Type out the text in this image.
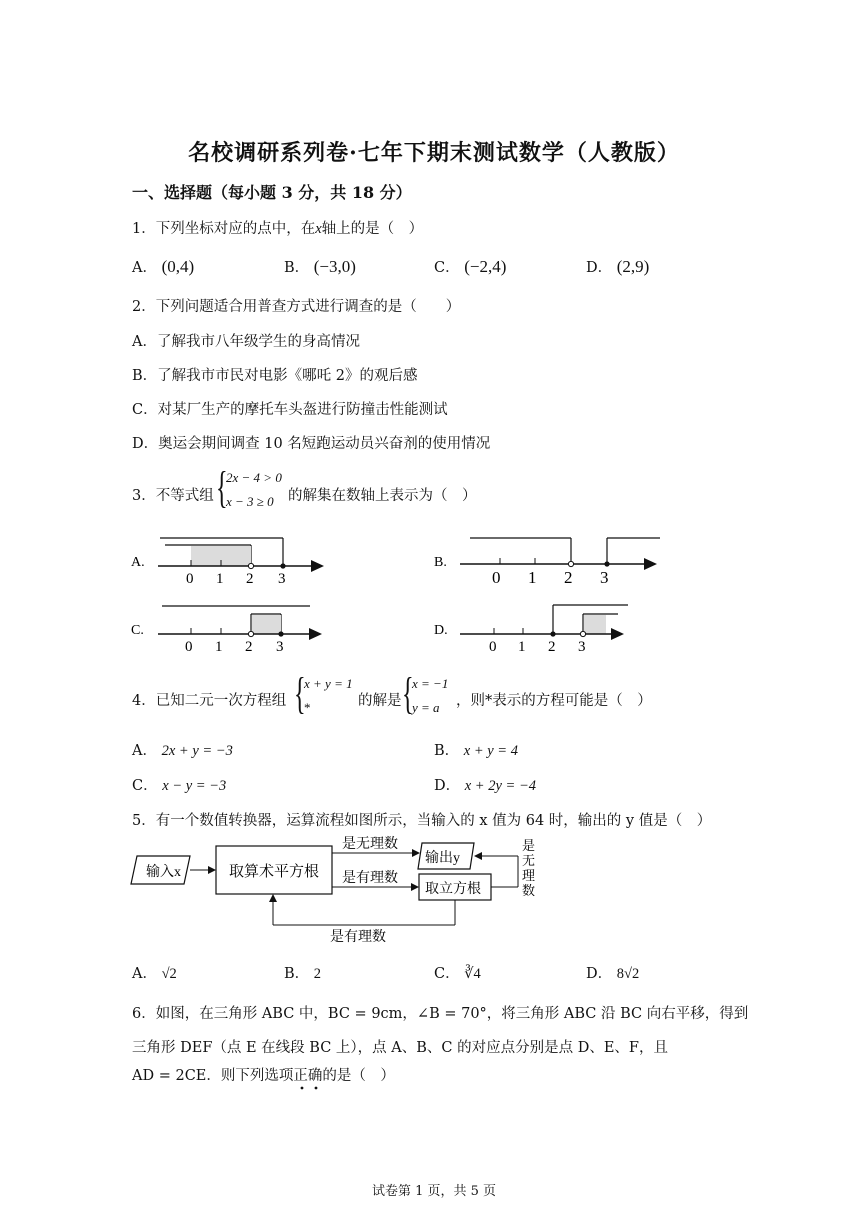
名校调研系列卷·七年下期末测试数学（人教版）
一、选择题（每小题 3 分，共 18 分）
1．下列坐标对应的点中，在x轴上的是（　）
A． (0,4)	B． (−3,0)	C． (−2,4)	D． (2,9)
2．下列问题适合用普查方式进行调查的是（　　）
A．了解我市八年级学生的身高情况
B．了解我市市民对电影《哪吒 2》的观后感
C．对某厂生产的摩托车头盔进行防撞击性能测试
D．奥运会期间调查 10 名短跑运动员兴奋剂的使用情况
3．不等式组 {
2x − 4 > 0
x − 3 ≥ 0 的解集在数轴上表示为（　）
A.
0 1 2 3
B.
0 1 2 3
C.
0 1 2 3
D.
0 1 2 3
输入x	取算术平方根
是无理数
输出y
是有理数
取立方根
是
无
理
数
是有理数
4．已知二元一次方程组 {
x + y = 1
*	的解是 {
x = −1
y = a ，则*表示的方程可能是（　）
A． 2x + y = −3	B． x + y = 4
C． x − y = −3	D． x + 2y = −4
5．有一个数值转换器，运算流程如图所示，当输入的 x 值为 64 时，输出的 y 值是（　）
A． √2	B． 2	C． ∛4	D． 8√2
6．如图，在三角形 ABC 中，BC = 9cm，∠B = 70°，将三角形 ABC 沿 BC 向右平移，得到
三角形 DEF（点 E 在线段 BC 上），点 A、B、C 的对应点分别是点 D、E、F，且
AD = 2CE．则下列选项正确的是（　）
试卷第 1 页，共 5 页
